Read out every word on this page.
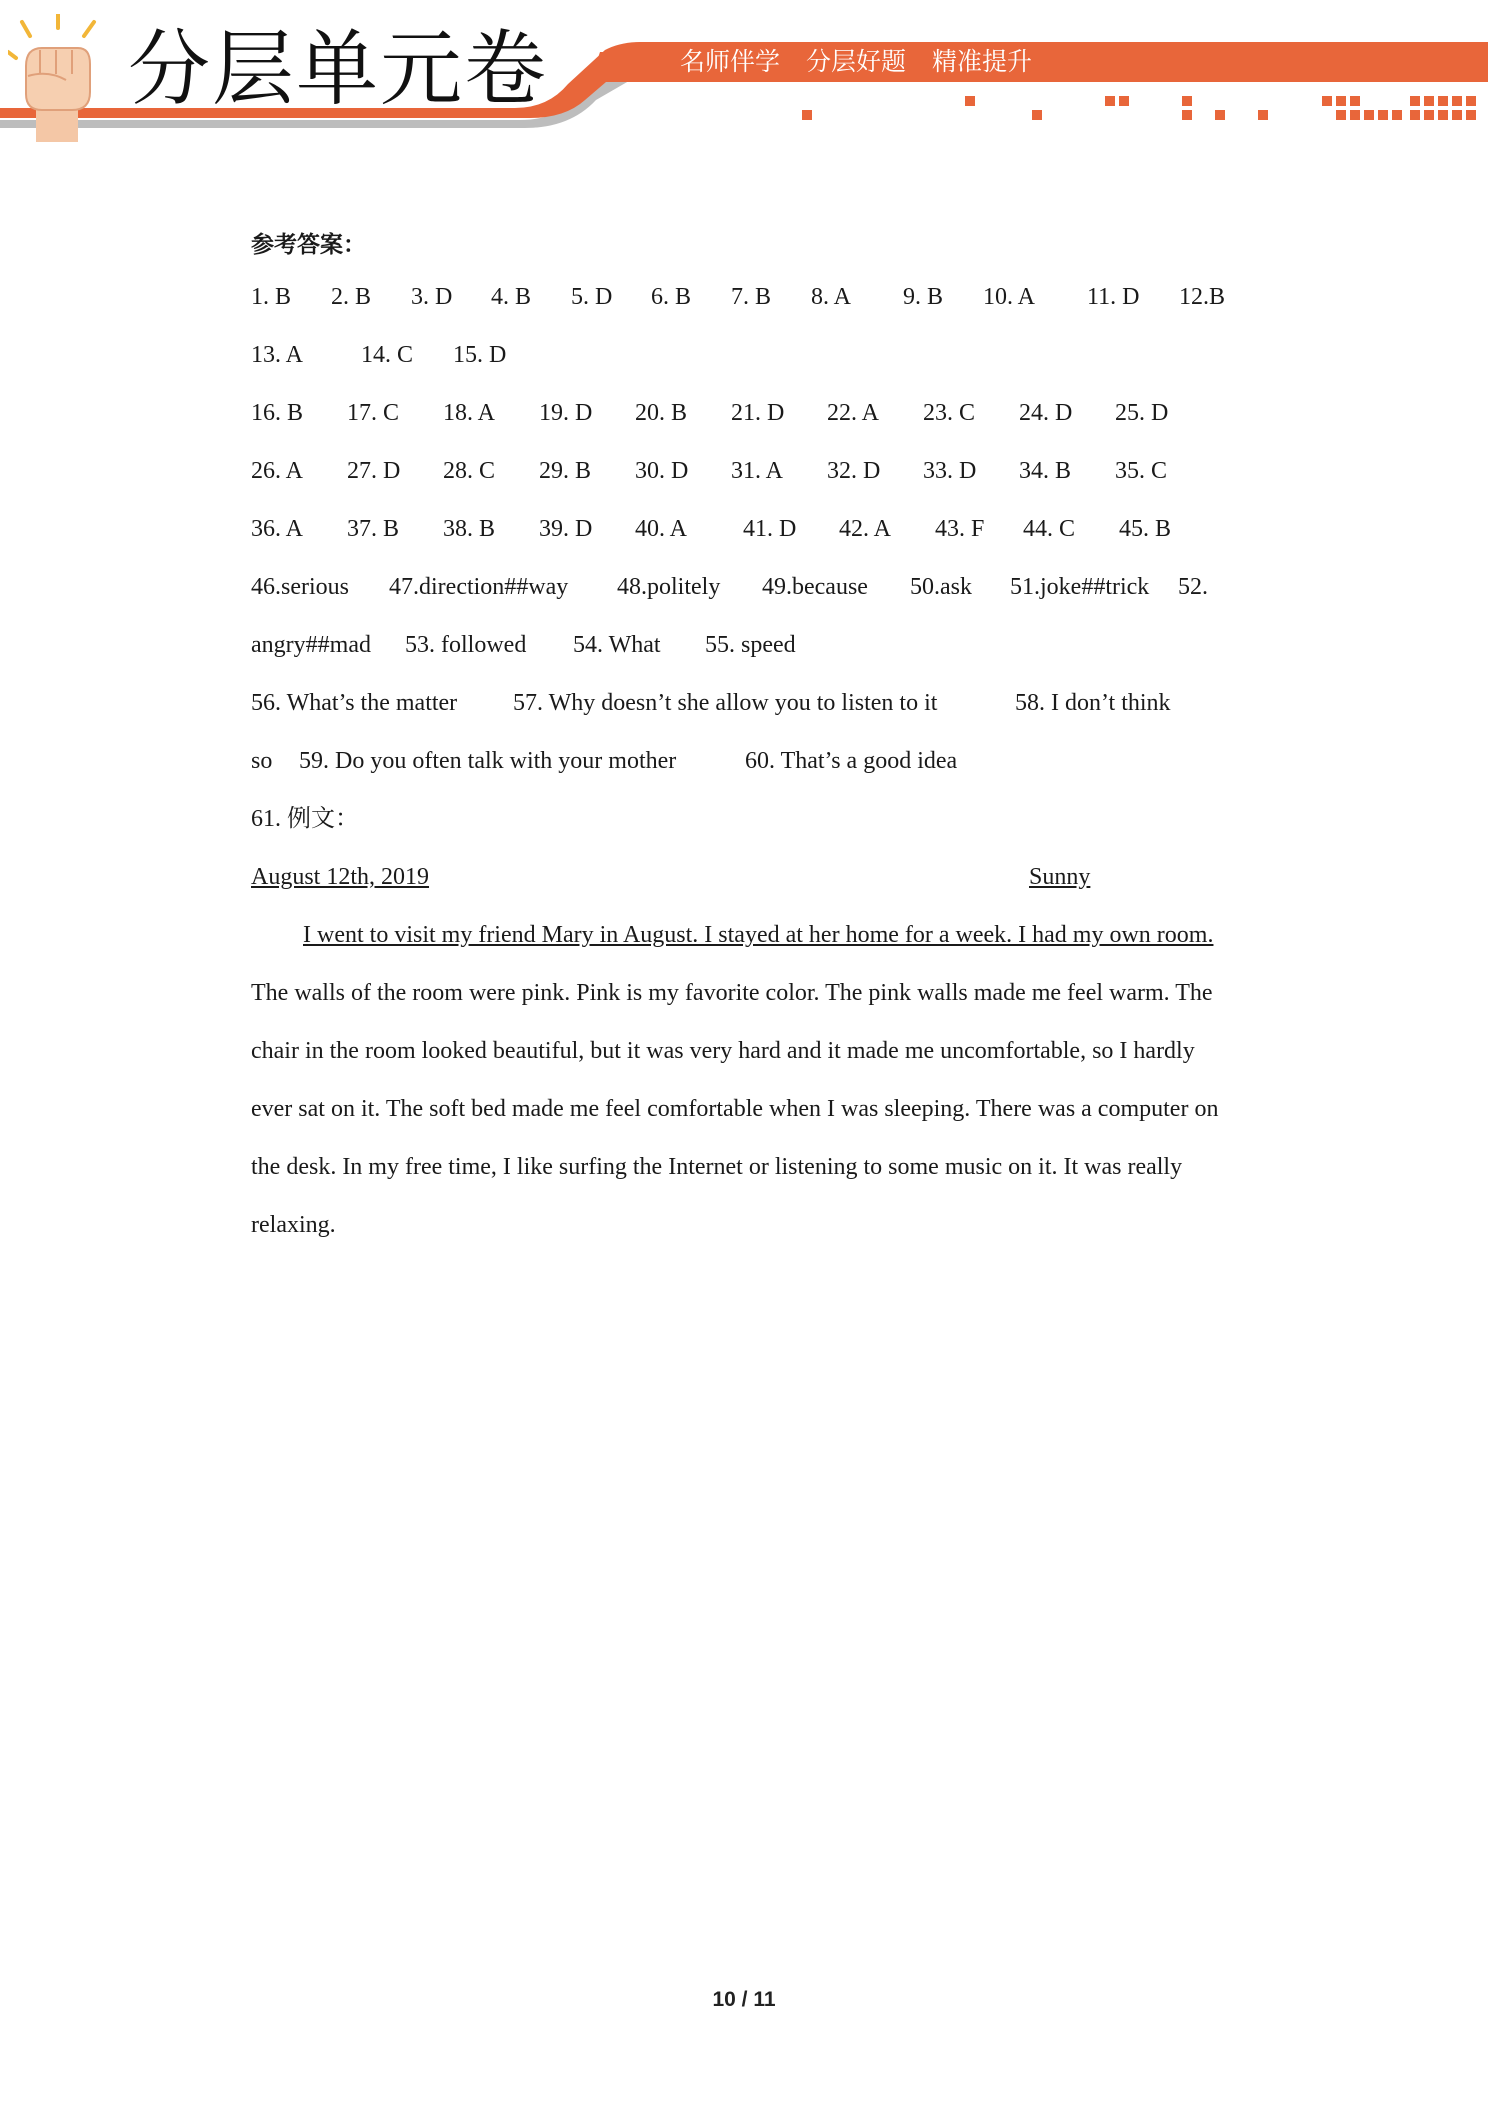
分层单元卷	名师伴学 分层好题 精准提升
参考答案：
1. B 2. B 3. D 4. B 5. D 6. B 7. B 8. A 9. B 10. A 11. D 12.B
13. A 14. C 15. D
16. B 17. C 18. A 19. D 20. B 21. D 22. A 23. C 24. D 25. D
26. A 27. D 28. C 29. B 30. D 31. A 32. D 33. D 34. B 35. C
36. A 37. B 38. B 39. D 40. A 41. D 42. A 43. F 44. C 45. B
46.serious 47.direction##way 48.polite‍ly 49.because 50.ask 51.joke##trick 52.
angry##mad 53. followed 54. What 55. speed
56. What’s the matter 57. Why doesn’t she allow you to listen to it	58. I don’t think
so 59. Do you often talk with your mother	60. That’s a good idea
61. 例文：
August 12th, 2019	Sunny
I went to visit my friend Mary in August. I stayed at her home for a week. I had my own room. The walls of the room were pink. Pink is my favorite color. The pink walls made me feel warm. The chair in the room looked beautiful, but it was very hard and it made me uncomfortable, so I hardly ever sat on it. The soft bed made me feel comfortable when I was sleeping. There was a computer on the desk. In my free time, I like surfing the Internet or listening to some music on it. It was really relaxing.
10 / 11
